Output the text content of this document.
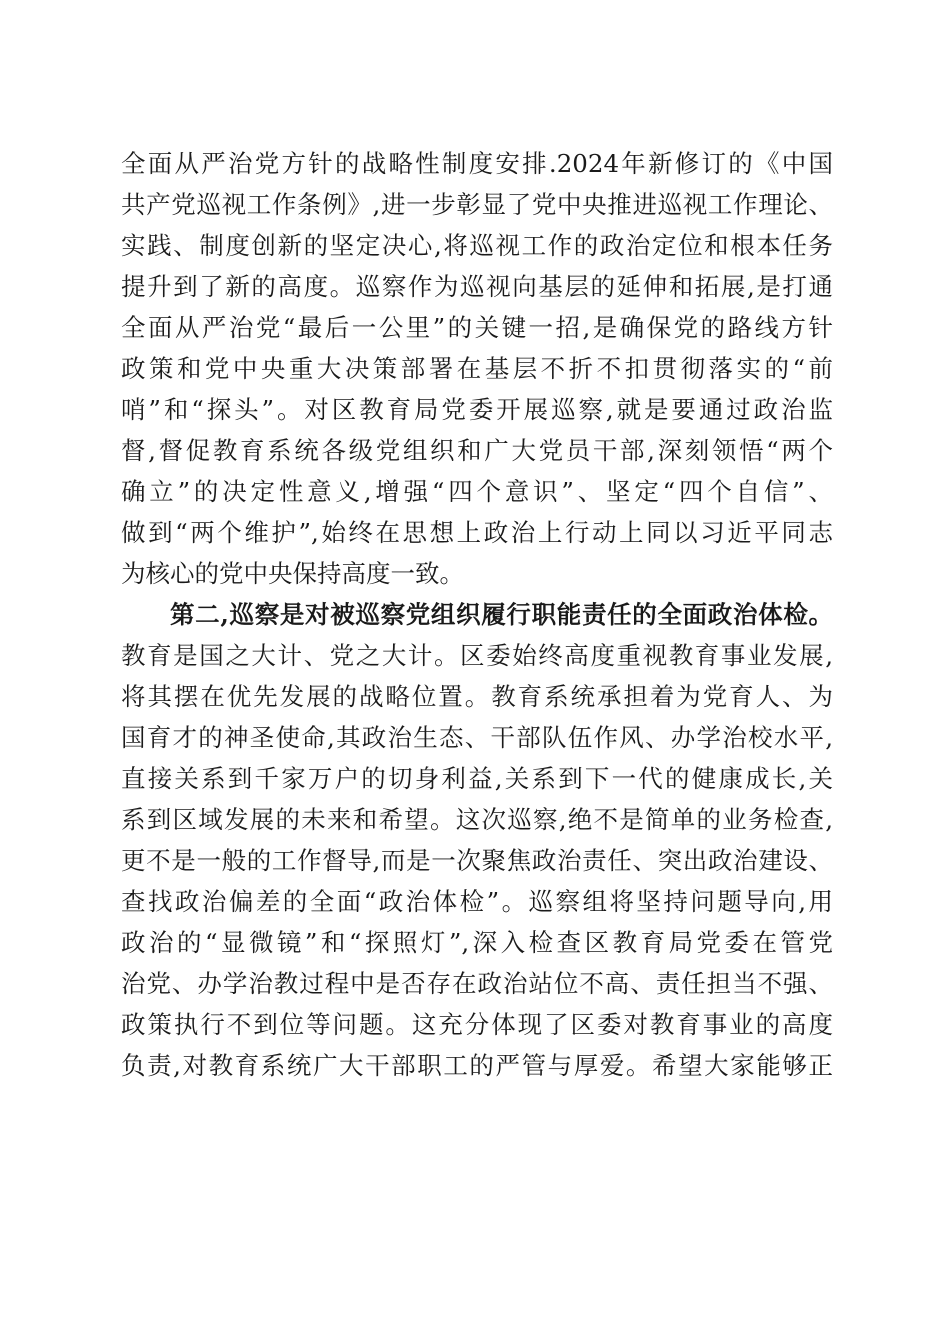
全面从严治党方针的战略性制度安排.2024年新修订的《中国
共产党巡视工作条例》,进一步彰显了党中央推进巡视工作理论、
实践、制度创新的坚定决心,将巡视工作的政治定位和根本任务
提升到了新的高度。巡察作为巡视向基层的延伸和拓展,是打通
全面从严治党“最后一公里”的关键一招,是确保党的路线方针
政策和党中央重大决策部署在基层不折不扣贯彻落实的“前
哨”和“探头”。对区教育局党委开展巡察,就是要通过政治监
督,督促教育系统各级党组织和广大党员干部,深刻领悟“两个
确立”的决定性意义,增强“四个意识”、坚定“四个自信”、
做到“两个维护”,始终在思想上政治上行动上同以习近平同志
为核心的党中央保持高度一致。
第二,巡察是对被巡察党组织履行职能责任的全面政治体检。
教育是国之大计、党之大计。区委始终高度重视教育事业发展,
将其摆在优先发展的战略位置。教育系统承担着为党育人、为
国育才的神圣使命,其政治生态、干部队伍作风、办学治校水平,
直接关系到千家万户的切身利益,关系到下一代的健康成长,关
系到区域发展的未来和希望。这次巡察,绝不是简单的业务检查,
更不是一般的工作督导,而是一次聚焦政治责任、突出政治建设、
查找政治偏差的全面“政治体检”。巡察组将坚持问题导向,用
政治的“显微镜”和“探照灯”,深入检查区教育局党委在管党
治党、办学治教过程中是否存在政治站位不高、责任担当不强、
政策执行不到位等问题。这充分体现了区委对教育事业的高度
负责,对教育系统广大干部职工的严管与厚爱。希望大家能够正
